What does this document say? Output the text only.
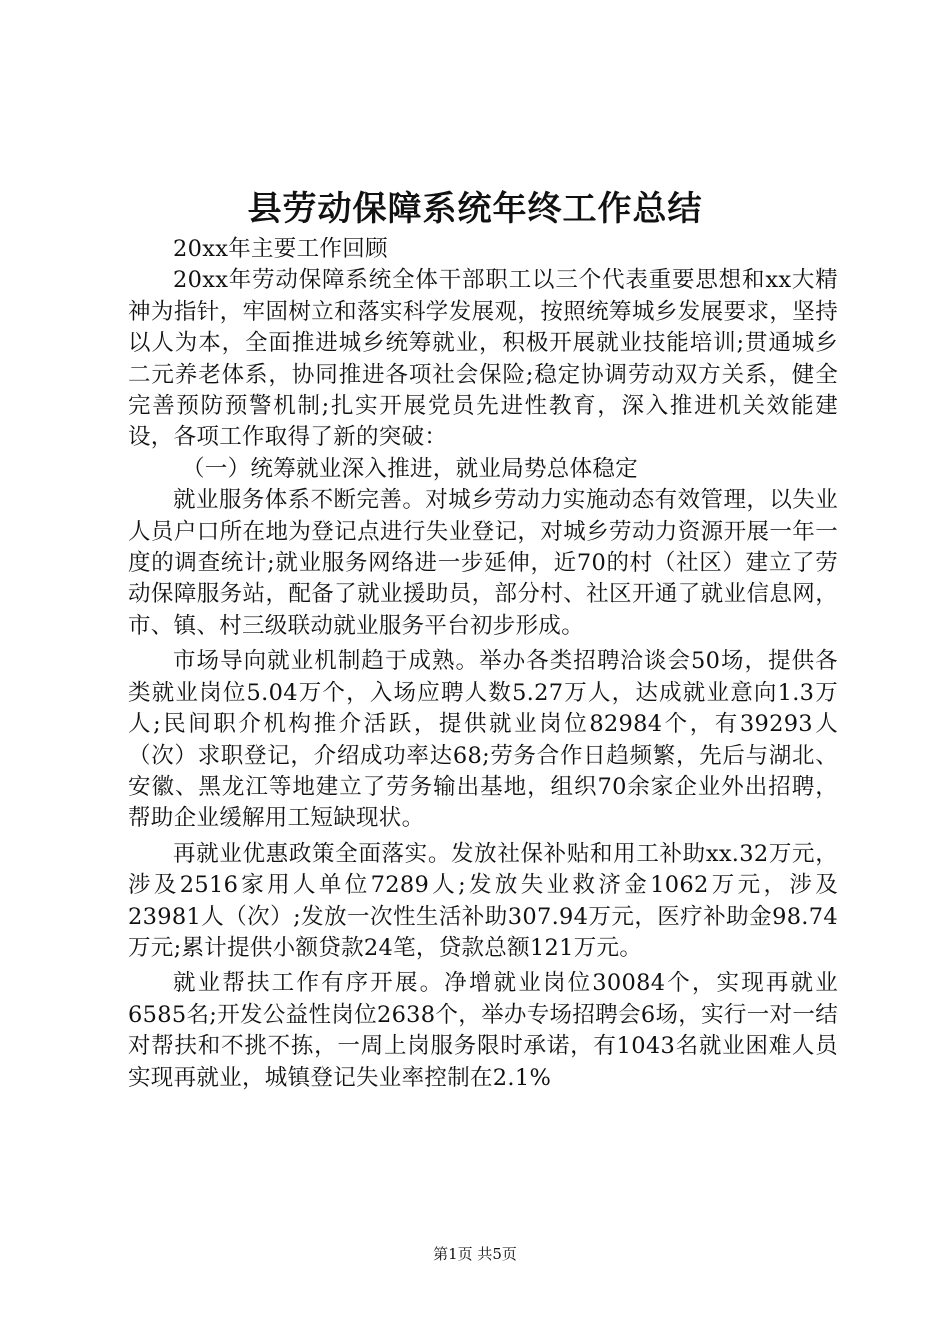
县劳动保障系统年终工作总结

20xx年主要工作回顾

20xx年劳动保障系统全体干部职工以三个代表重要思想和xx大精神为指针，牢固树立和落实科学发展观，按照统筹城乡发展要求，坚持以人为本，全面推进城乡统筹就业，积极开展就业技能培训;贯通城乡二元养老体系，协同推进各项社会保险;稳定协调劳动双方关系，健全完善预防预警机制;扎实开展党员先进性教育，深入推进机关效能建设，各项工作取得了新的突破：

（一）统筹就业深入推进，就业局势总体稳定

就业服务体系不断完善。对城乡劳动力实施动态有效管理，以失业人员户口所在地为登记点进行失业登记，对城乡劳动力资源开展一年一度的调查统计;就业服务网络进一步延伸，近70的村（社区）建立了劳动保障服务站，配备了就业援助员，部分村、社区开通了就业信息网，市、镇、村三级联动就业服务平台初步形成。

市场导向就业机制趋于成熟。举办各类招聘洽谈会50场，提供各类就业岗位5.04万个，入场应聘人数5.27万人，达成就业意向1.3万人;民间职介机构推介活跃，提供就业岗位82984个，有39293人（次）求职登记，介绍成功率达68;劳务合作日趋频繁，先后与湖北、安徽、黑龙江等地建立了劳务输出基地，组织70余家企业外出招聘，帮助企业缓解用工短缺现状。

再就业优惠政策全面落实。发放社保补贴和用工补助xx.32万元，涉及2516家用人单位7289人;发放失业救济金1062万元，涉及23981人（次）;发放一次性生活补助307.94万元，医疗补助金98.74万元;累计提供小额贷款24笔，贷款总额121万元。

就业帮扶工作有序开展。净增就业岗位30084个，实现再就业6585名;开发公益性岗位2638个，举办专场招聘会6场，实行一对一结对帮扶和不挑不拣，一周上岗服务限时承诺，有1043名就业困难人员实现再就业，城镇登记失业率控制在2.1%

第1页 共5页
